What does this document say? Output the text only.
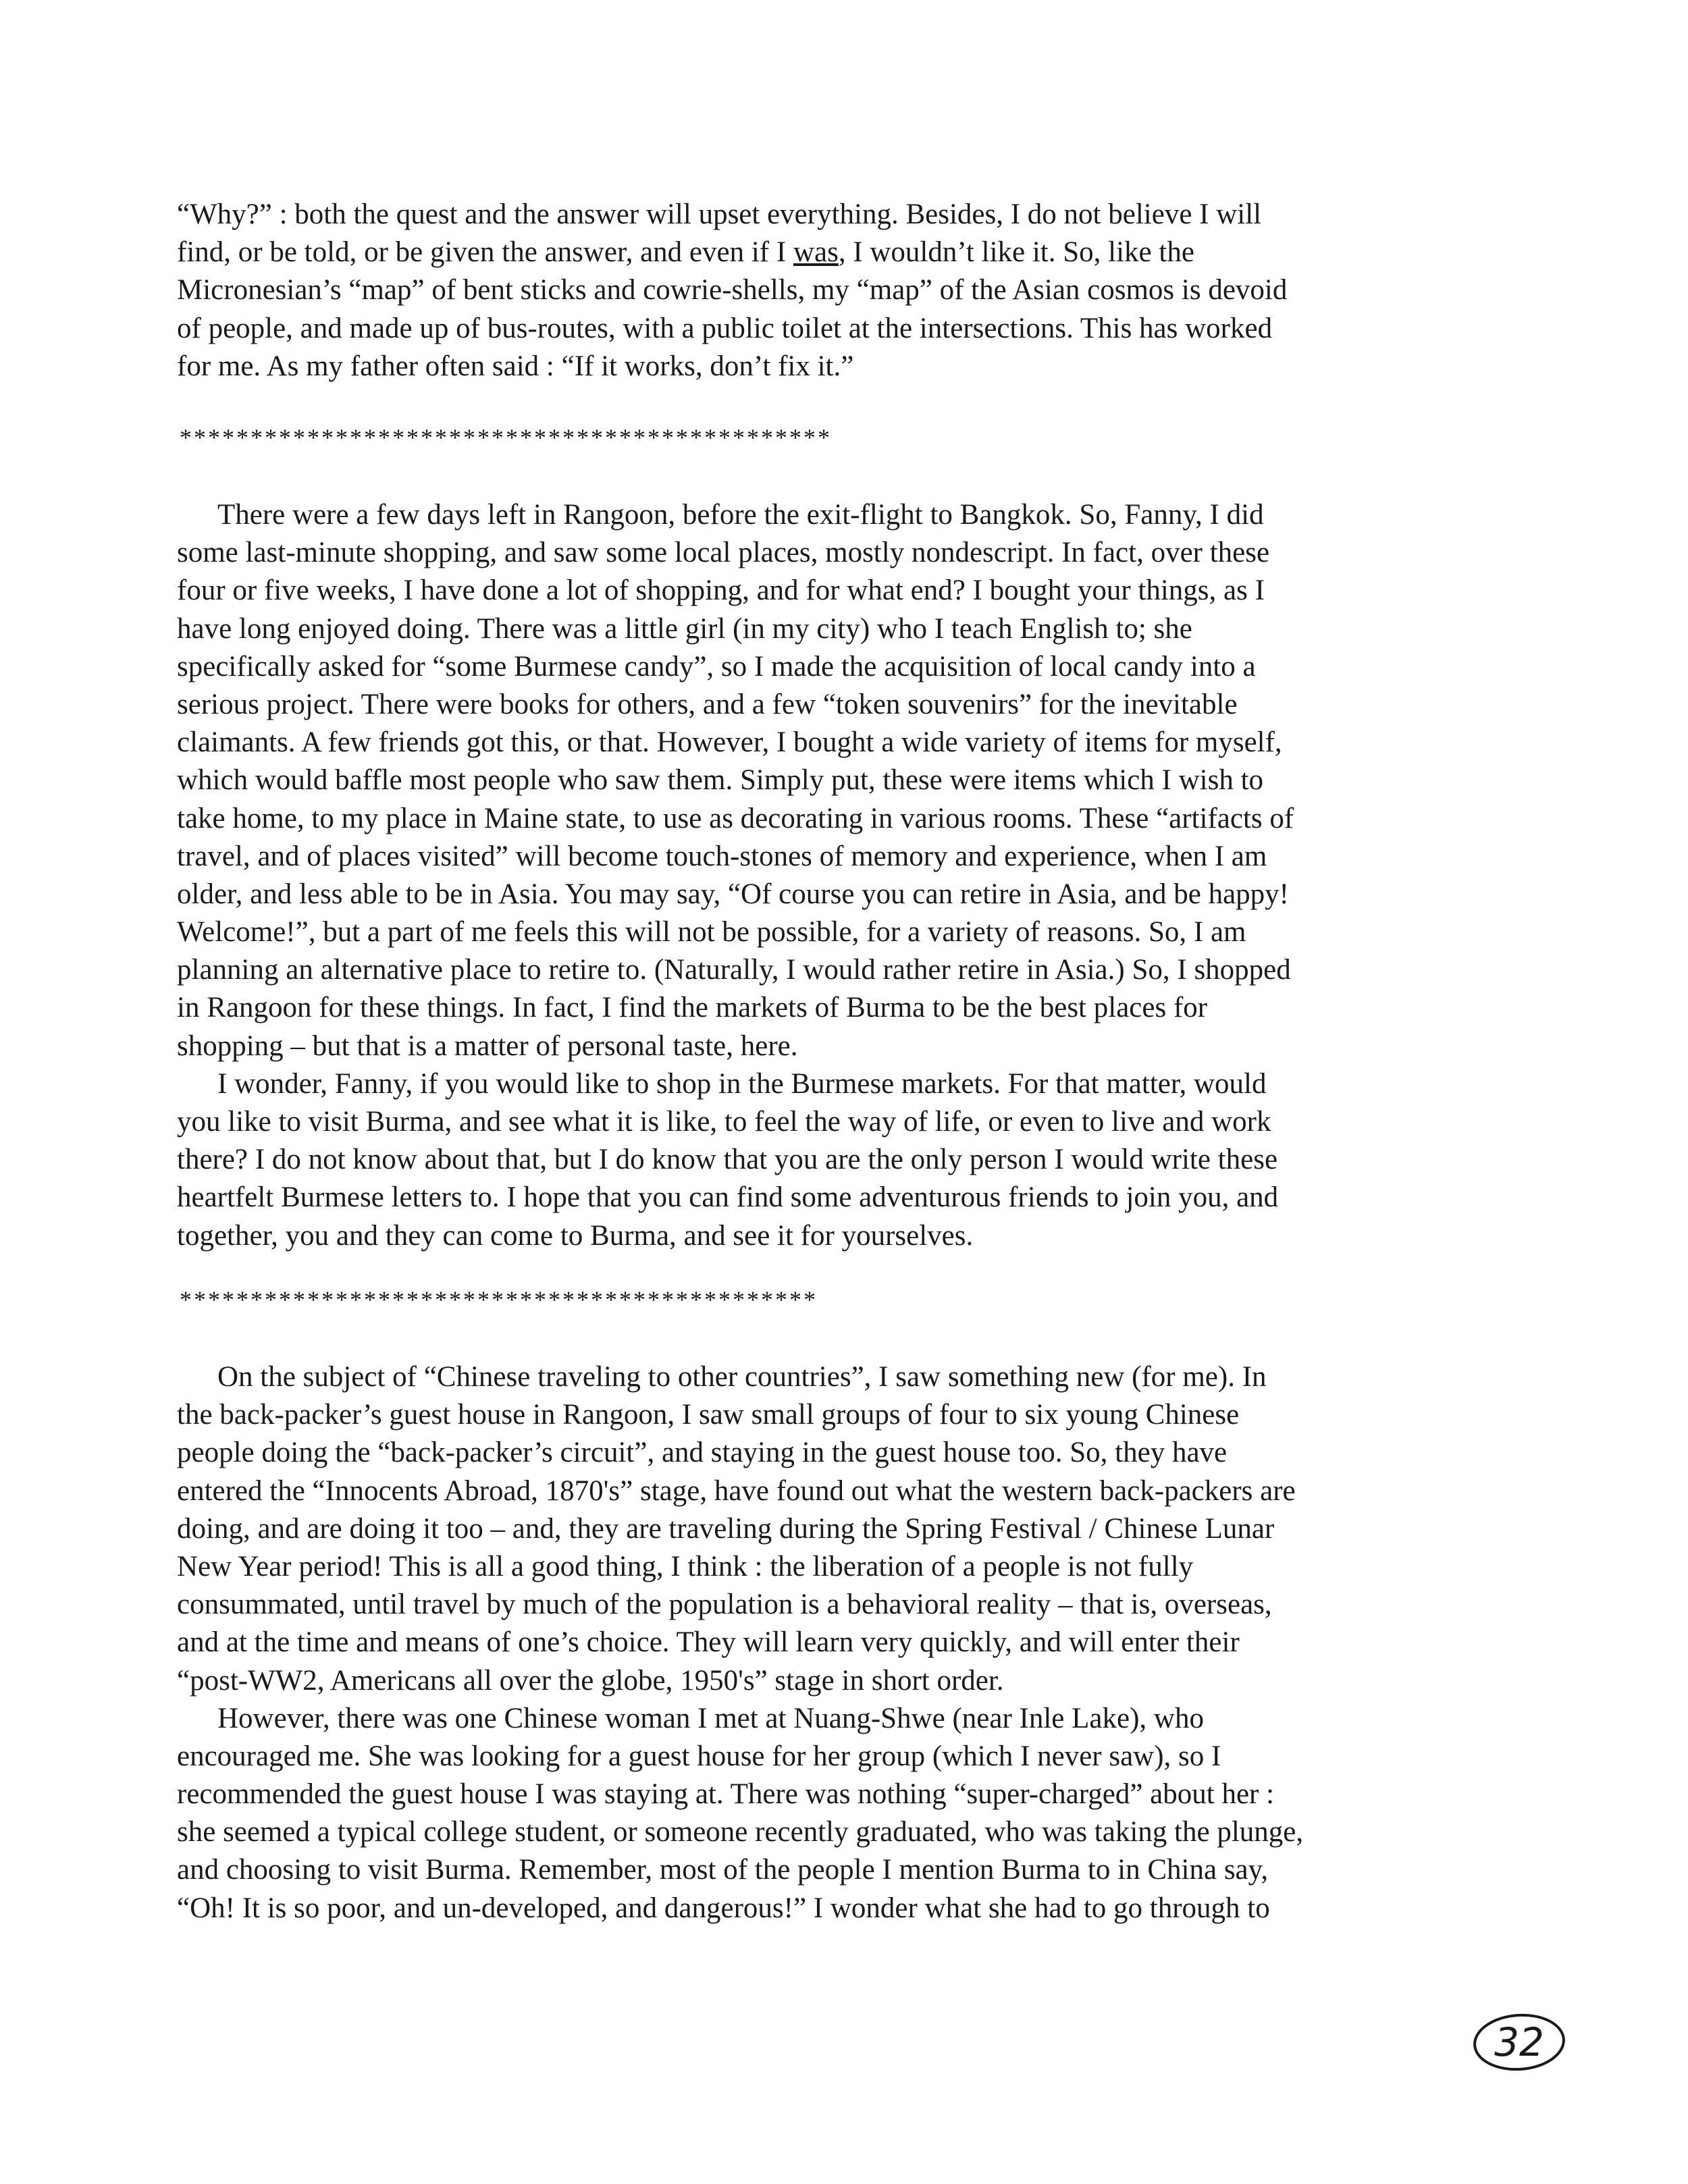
“Why?” : both the quest and the answer will upset everything. Besides, I do not believe I will
find, or be told, or be given the answer, and even if I was, I wouldn’t like it. So, like the
Micronesian’s “map” of bent sticks and cowrie-shells, my “map” of the Asian cosmos is devoid
of people, and made up of bus-routes, with a public toilet at the intersections. This has worked
for me. As my father often said : “If it works, don’t fix it.”
**********************************************
There were a few days left in Rangoon, before the exit-flight to Bangkok. So, Fanny, I did
some last-minute shopping, and saw some local places, mostly nondescript. In fact, over these
four or five weeks, I have done a lot of shopping, and for what end? I bought your things, as I
have long enjoyed doing. There was a little girl (in my city) who I teach English to; she
specifically asked for “some Burmese candy”, so I made the acquisition of local candy into a
serious project. There were books for others, and a few “token souvenirs” for the inevitable
claimants. A few friends got this, or that. However, I bought a wide variety of items for myself,
which would baffle most people who saw them. Simply put, these were items which I wish to
take home, to my place in Maine state, to use as decorating in various rooms. These “artifacts of
travel, and of places visited” will become touch-stones of memory and experience, when I am
older, and less able to be in Asia. You may say, “Of course you can retire in Asia, and be happy!
Welcome!”, but a part of me feels this will not be possible, for a variety of reasons. So, I am
planning an alternative place to retire to. (Naturally, I would rather retire in Asia.) So, I shopped
in Rangoon for these things. In fact, I find the markets of Burma to be the best places for
shopping – but that is a matter of personal taste, here.
I wonder, Fanny, if you would like to shop in the Burmese markets. For that matter, would
you like to visit Burma, and see what it is like, to feel the way of life, or even to live and work
there? I do not know about that, but I do know that you are the only person I would write these
heartfelt Burmese letters to. I hope that you can find some adventurous friends to join you, and
together, you and they can come to Burma, and see it for yourselves.
*********************************************
On the subject of “Chinese traveling to other countries”, I saw something new (for me). In
the back-packer’s guest house in Rangoon, I saw small groups of four to six young Chinese
people doing the “back-packer’s circuit”, and staying in the guest house too. So, they have
entered the “Innocents Abroad, 1870's” stage, have found out what the western back-packers are
doing, and are doing it too – and, they are traveling during the Spring Festival / Chinese Lunar
New Year period! This is all a good thing, I think : the liberation of a people is not fully
consummated, until travel by much of the population is a behavioral reality – that is, overseas,
and at the time and means of one’s choice. They will learn very quickly, and will enter their
“post-WW2, Americans all over the globe, 1950's” stage in short order.
However, there was one Chinese woman I met at Nuang-Shwe (near Inle Lake), who
encouraged me. She was looking for a guest house for her group (which I never saw), so I
recommended the guest house I was staying at. There was nothing “super-charged” about her :
she seemed a typical college student, or someone recently graduated, who was taking the plunge,
and choosing to visit Burma. Remember, most of the people I mention Burma to in China say,
“Oh! It is so poor, and un-developed, and dangerous!” I wonder what she had to go through to
32
